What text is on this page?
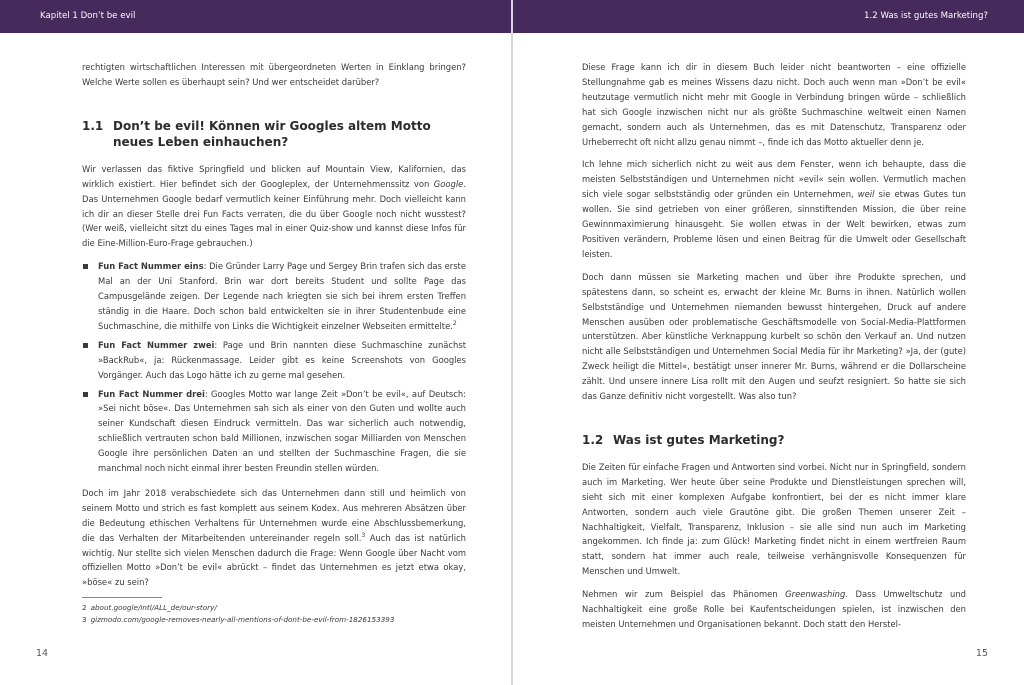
Kapitel 1 Don’t be evil

rechtigten wirtschaftlichen Interessen mit übergeordneten Werten in Einklang bringen? Welche Werte sollen es überhaupt sein? Und wer entscheidet darüber?

1.1 Don’t be evil! Können wir Googles altem Motto neues Leben einhauchen?

Wir verlassen das fiktive Springfield und blicken auf Mountain View, Kalifornien, das wirklich existiert. Hier befindet sich der Googleplex, der Unternehmenssitz von Google. Das Unternehmen Google bedarf vermutlich keiner Einführung mehr. Doch vielleicht kann ich dir an dieser Stelle drei Fun Facts verraten, die du über Google noch nicht wusstest? (Wer weiß, vielleicht sitzt du eines Tages mal in einer Quiz-show und kannst diese Infos für die Eine-Million-Euro-Frage gebrauchen.)

Fun Fact Nummer eins: Die Gründer Larry Page und Sergey Brin trafen sich das erste Mal an der Uni Stanford. Brin war dort bereits Student und sollte Page das Campusgelände zeigen. Der Legende nach kriegten sie sich bei ihrem ersten Treffen ständig in die Haare. Doch schon bald entwickelten sie in ihrer Studentenbude eine Suchmaschine, die mithilfe von Links die Wichtigkeit einzelner Webseiten ermittelte.$^2$
Fun Fact Nummer zwei: Page und Brin nannten diese Suchmaschine zunächst »BackRub«, ja: Rückenmassage. Leider gibt es keine Screenshots von Googles Vorgänger. Auch das Logo hätte ich zu gerne mal gesehen.
Fun Fact Nummer drei: Googles Motto war lange Zeit »Don’t be evil«, auf Deutsch: »Sei nicht böse«. Das Unternehmen sah sich als einer von den Guten und wollte auch seiner Kundschaft diesen Eindruck vermitteln. Das war sicherlich auch notwendig, schließlich vertrauten schon bald Millionen, inzwischen sogar Milliarden von Menschen Google ihre persönlichen Daten an und stellten der Suchmaschine Fragen, die sie manchmal noch nicht einmal ihrer besten Freundin stellen würden.

Doch im Jahr 2018 verabschiedete sich das Unternehmen dann still und heimlich von seinem Motto und strich es fast komplett aus seinem Kodex. Aus mehreren Absätzen über die Bedeutung ethischen Verhaltens für Unternehmen wurde eine Abschlussbemerkung, die das Verhalten der Mitarbeitenden untereinander regeln soll.$^3$ Auch das ist natürlich wichtig. Nur stellte sich vielen Menschen dadurch die Frage: Wenn Google über Nacht vom offiziellen Motto »Don’t be evil« abrückt – findet das Unternehmen es jetzt etwa okay, »böse« zu sein?

2 about.google/intl/ALL_de/our-story/
3 gizmodo.com/google-removes-nearly-all-mentions-of-dont-be-evil-from-1826153393
14
1.2 Was ist gutes Marketing?

Diese Frage kann ich dir in diesem Buch leider nicht beantworten – eine offizielle Stellungnahme gab es meines Wissens dazu nicht. Doch auch wenn man »Don’t be evil« heutzutage vermutlich nicht mehr mit Google in Verbindung bringen würde – schließlich hat sich Google inzwischen nicht nur als größte Suchmaschine weltweit einen Namen gemacht, sondern auch als Unternehmen, das es mit Datenschutz, Transparenz oder Urheberrecht oft nicht allzu genau nimmt –, finde ich das Motto aktueller denn je.

Ich lehne mich sicherlich nicht zu weit aus dem Fenster, wenn ich behaupte, dass die meisten Selbstständigen und Unternehmen nicht »evil« sein wollen. Vermutlich machen sich viele sogar selbstständig oder gründen ein Unternehmen, weil sie etwas Gutes tun wollen. Sie sind getrieben von einer größeren, sinnstiftenden Mission, die über reine Gewinnmaximierung hinausgeht. Sie wollen etwas in der Welt bewirken, etwas zum Positiven verändern, Probleme lösen und einen Beitrag für die Umwelt oder Gesellschaft leisten.

Doch dann müssen sie Marketing machen und über ihre Produkte sprechen, und spätestens dann, so scheint es, erwacht der kleine Mr. Burns in ihnen. Natürlich wollen Selbstständige und Unternehmen niemanden bewusst hintergehen, Druck auf andere Menschen ausüben oder problematische Geschäftsmodelle von Social-Media-Plattformen unterstützen. Aber künstliche Verknappung kurbelt so schön den Verkauf an. Und nutzen nicht alle Selbstständigen und Unternehmen Social Media für ihr Marketing? »Ja, der (gute) Zweck heiligt die Mittel«, bestätigt unser innerer Mr. Burns, während er die Dollarscheine zählt. Und unsere innere Lisa rollt mit den Augen und seufzt resigniert. So hatte sie sich das Ganze definitiv nicht vorgestellt. Was also tun?

1.2 Was ist gutes Marketing?

Die Zeiten für einfache Fragen und Antworten sind vorbei. Nicht nur in Springfield, sondern auch im Marketing. Wer heute über seine Produkte und Dienstleistungen sprechen will, sieht sich mit einer komplexen Aufgabe konfrontiert, bei der es nicht immer klare Antworten, sondern auch viele Grautöne gibt. Die großen Themen unserer Zeit – Nachhaltigkeit, Vielfalt, Transparenz, Inklusion – sie alle sind nun auch im Marketing angekommen. Ich finde ja: zum Glück! Marketing findet nicht in einem wertfreien Raum statt, sondern hat immer auch reale, teilweise verhängnisvolle Konsequenzen für Menschen und Umwelt.

Nehmen wir zum Beispiel das Phänomen Greenwashing. Dass Umweltschutz und Nachhaltigkeit eine große Rolle bei Kaufentscheidungen spielen, ist inzwischen den meisten Unternehmen und Organisationen bekannt. Doch statt den Herstel-

15
